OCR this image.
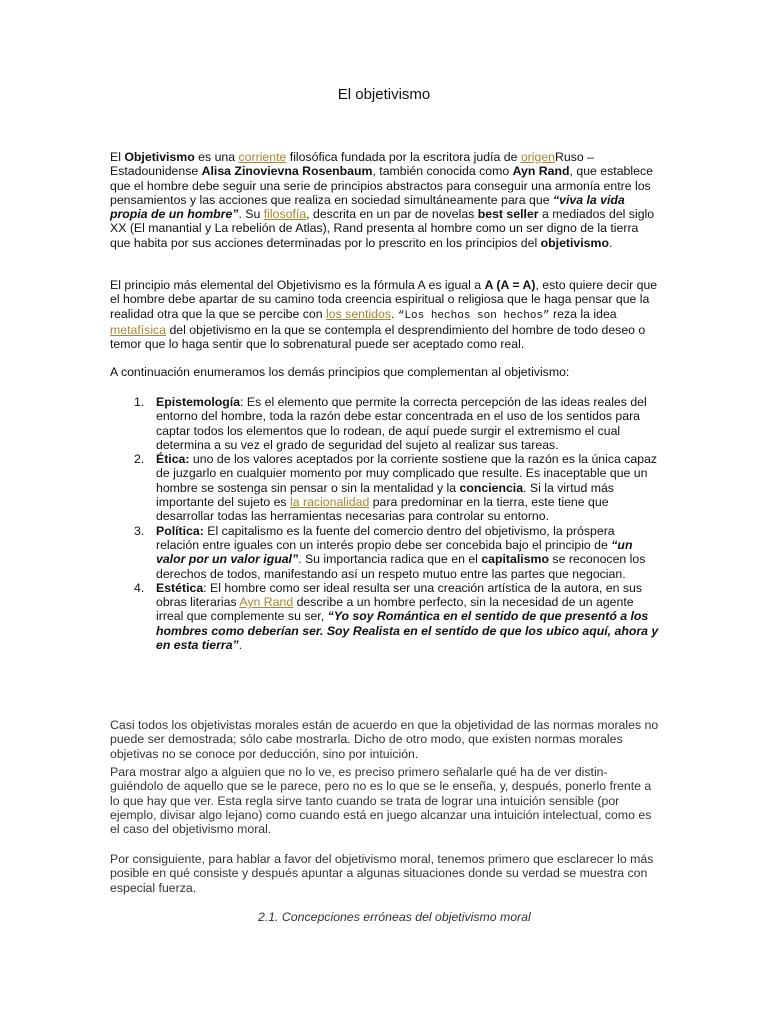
El objetivismo

El Objetivismo es una corriente filosófica fundada por la escritora judía de origenRuso – Estadounidense Alisa Zinovievna Rosenbaum, también conocida como Ayn Rand, que establece que el hombre debe seguir una serie de principios abstractos para conseguir una armonía entre los pensamientos y las acciones que realiza en sociedad simultáneamente para que “viva la vida propia de un hombre”. Su filosofía, descrita en un par de novelas best seller a mediados del siglo XX (El manantial y La rebelión de Atlas), Rand presenta al hombre como un ser digno de la tierra que habita por sus acciones determinadas por lo prescrito en los principios del objetivismo.

El principio más elemental del Objetivismo es la fórmula A es igual a A (A = A), esto quiere decir que el hombre debe apartar de su camino toda creencia espiritual o religiosa que le haga pensar que la realidad otra que la que se percibe con los sentidos. “Los hechos son hechos” reza la idea metafísica del objetivismo en la que se contempla el desprendimiento del hombre de todo deseo o temor que lo haga sentir que lo sobrenatural puede ser aceptado como real.

A continuación enumeramos los demás principios que complementan al objetivismo:

1. Epistemología: Es el elemento que permite la correcta percepción de las ideas reales del entorno del hombre, toda la razón debe estar concentrada en el uso de los sentidos para captar todos los elementos que lo rodean, de aquí puede surgir el extremismo el cual determina a su vez el grado de seguridad del sujeto al realizar sus tareas.
2. Ética: uno de los valores aceptados por la corriente sostiene que la razón es la única capaz de juzgarlo en cualquier momento por muy complicado que resulte. Es inaceptable que un hombre se sostenga sin pensar o sin la mentalidad y la conciencia. Si la virtud más importante del sujeto es la racionalidad para predominar en la tierra, este tiene que desarrollar todas las herramientas necesarias para controlar su entorno.
3. Política: El capitalismo es la fuente del comercio dentro del objetivismo, la próspera relación entre iguales con un interés propio debe ser concebida bajo el principio de “un valor por un valor igual”. Su importancia radica que en el capitalismo se reconocen los derechos de todos, manifestando así un respeto mutuo entre las partes que negocian.
4. Estética: El hombre como ser ideal resulta ser una creación artística de la autora, en sus obras literarias Ayn Rand describe a un hombre perfecto, sin la necesidad de un agente irreal que complemente su ser, “Yo soy Romántica en el sentido de que presentó a los hombres como deberían ser. Soy Realista en el sentido de que los ubico aquí, ahora y en esta tierra”.

Casi todos los objetivistas morales están de acuerdo en que la objetividad de las normas morales no puede ser demostrada; sólo cabe mostrarla. Dicho de otro modo, que existen normas morales objetivas no se conoce por deducción, sino por intuición.

Para mostrar algo a alguien que no lo ve, es preciso primero señalarle qué ha de ver distin-guiéndolo de aquello que se le parece, pero no es lo que se le enseña, y, después, ponerlo frente a lo que hay que ver. Esta regla sirve tanto cuando se trata de lograr una intuición sensible (por ejemplo, divisar algo lejano) como cuando está en juego alcanzar una intuición intelectual, como es el caso del objetivismo moral.

Por consiguiente, para hablar a favor del objetivismo moral, tenemos primero que esclarecer lo más posible en qué consiste y después apuntar a algunas situaciones donde su verdad se muestra con especial fuerza.

2.1. Concepciones erróneas del objetivismo moral
